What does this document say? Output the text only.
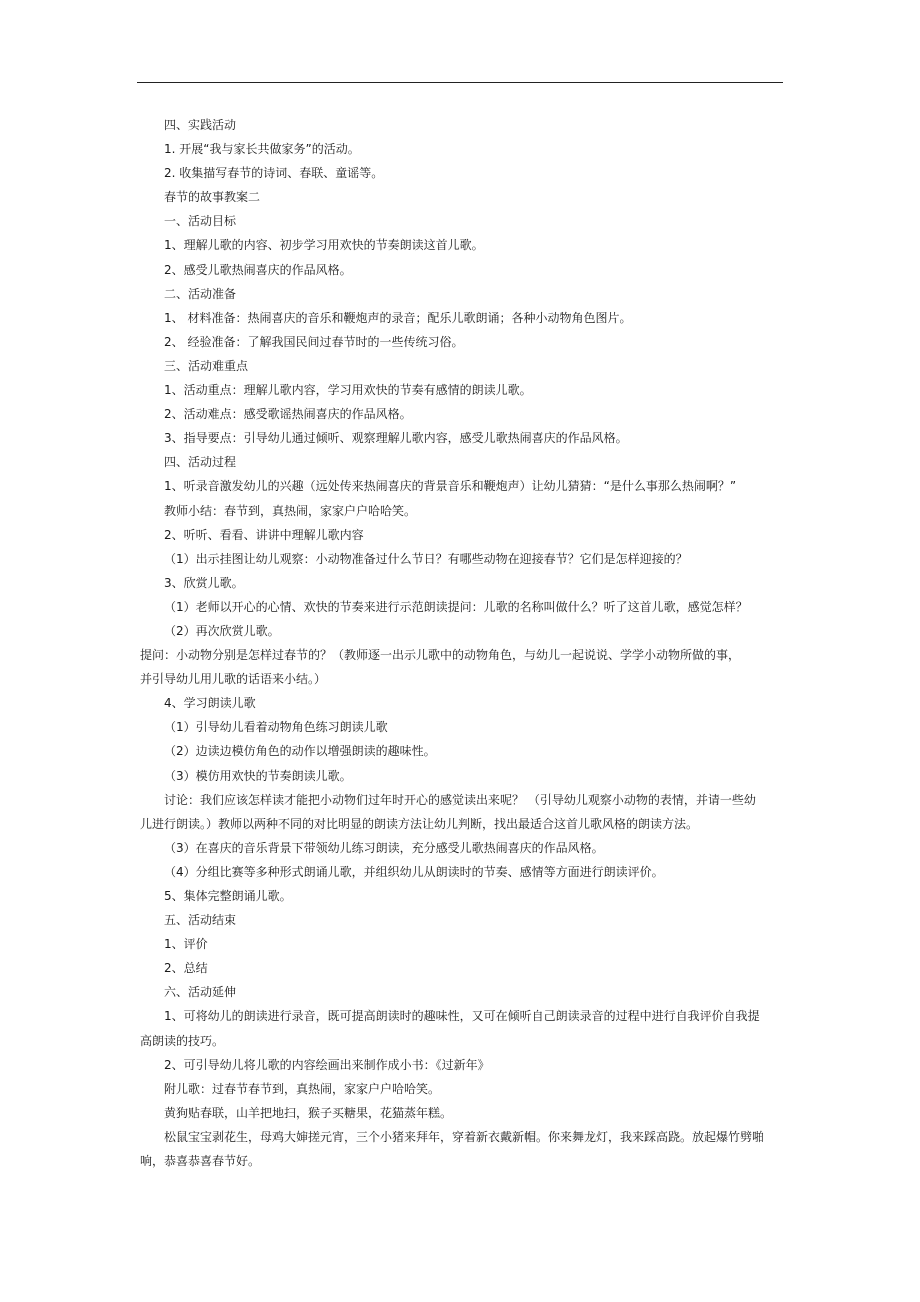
四、实践活动
1. 开展“我与家长共做家务”的活动。
2. 收集描写春节的诗词、春联、童谣等。
春节的故事教案二
一、活动目标
1、理解儿歌的内容、初步学习用欢快的节奏朗读这首儿歌。
2、感受儿歌热闹喜庆的作品风格。
二、活动准备
1、 材料准备：热闹喜庆的音乐和鞭炮声的录音；配乐儿歌朗诵；各种小动物角色图片。
2、 经验准备：了解我国民间过春节时的一些传统习俗。
三、活动难重点
1、活动重点：理解儿歌内容，学习用欢快的节奏有感情的朗读儿歌。
2、活动难点：感受歌谣热闹喜庆的作品风格。
3、指导要点：引导幼儿通过倾听、观察理解儿歌内容，感受儿歌热闹喜庆的作品风格。
四、活动过程
1、听录音激发幼儿的兴趣（远处传来热闹喜庆的背景音乐和鞭炮声）让幼儿猜猜：“是什么事那么热闹啊？”
教师小结：春节到，真热闹，家家户户哈哈笑。
2、听听、看看、讲讲中理解儿歌内容
（1）出示挂图让幼儿观察：小动物准备过什么节日？有哪些动物在迎接春节？它们是怎样迎接的？
3、欣赏儿歌。
（1）老师以开心的心情、欢快的节奏来进行示范朗读提问：儿歌的名称叫做什么？听了这首儿歌，感觉怎样？
（2）再次欣赏儿歌。
提问：小动物分别是怎样过春节的？（教师逐一出示儿歌中的动物角色，与幼儿一起说说、学学小动物所做的事，
并引导幼儿用儿歌的话语来小结。）
4、学习朗读儿歌
（1）引导幼儿看着动物角色练习朗读儿歌
（2）边读边模仿角色的动作以增强朗读的趣味性。
（3）模仿用欢快的节奏朗读儿歌。
讨论：我们应该怎样读才能把小动物们过年时开心的感觉读出来呢？ （引导幼儿观察小动物的表情，并请一些幼
儿进行朗读。）教师以两种不同的对比明显的朗读方法让幼儿判断，找出最适合这首儿歌风格的朗读方法。
（3）在喜庆的音乐背景下带领幼儿练习朗读，充分感受儿歌热闹喜庆的作品风格。
（4）分组比赛等多种形式朗诵儿歌，并组织幼儿从朗读时的节奏、感情等方面进行朗读评价。
5、集体完整朗诵儿歌。
五、活动结束
1、评价
2、总结
六、活动延伸
1、可将幼儿的朗读进行录音，既可提高朗读时的趣味性，又可在倾听自己朗读录音的过程中进行自我评价自我提
高朗读的技巧。
2、可引导幼儿将儿歌的内容绘画出来制作成小书：《过新年》
附儿歌：过春节春节到，真热闹，家家户户哈哈笑。
黄狗贴春联，山羊把地扫，猴子买糖果，花猫蒸年糕。
松鼠宝宝剥花生，母鸡大婶搓元宵，三个小猪来拜年，穿着新衣戴新帽。你来舞龙灯，我来踩高跷。放起爆竹劈啪
响，恭喜恭喜春节好。
